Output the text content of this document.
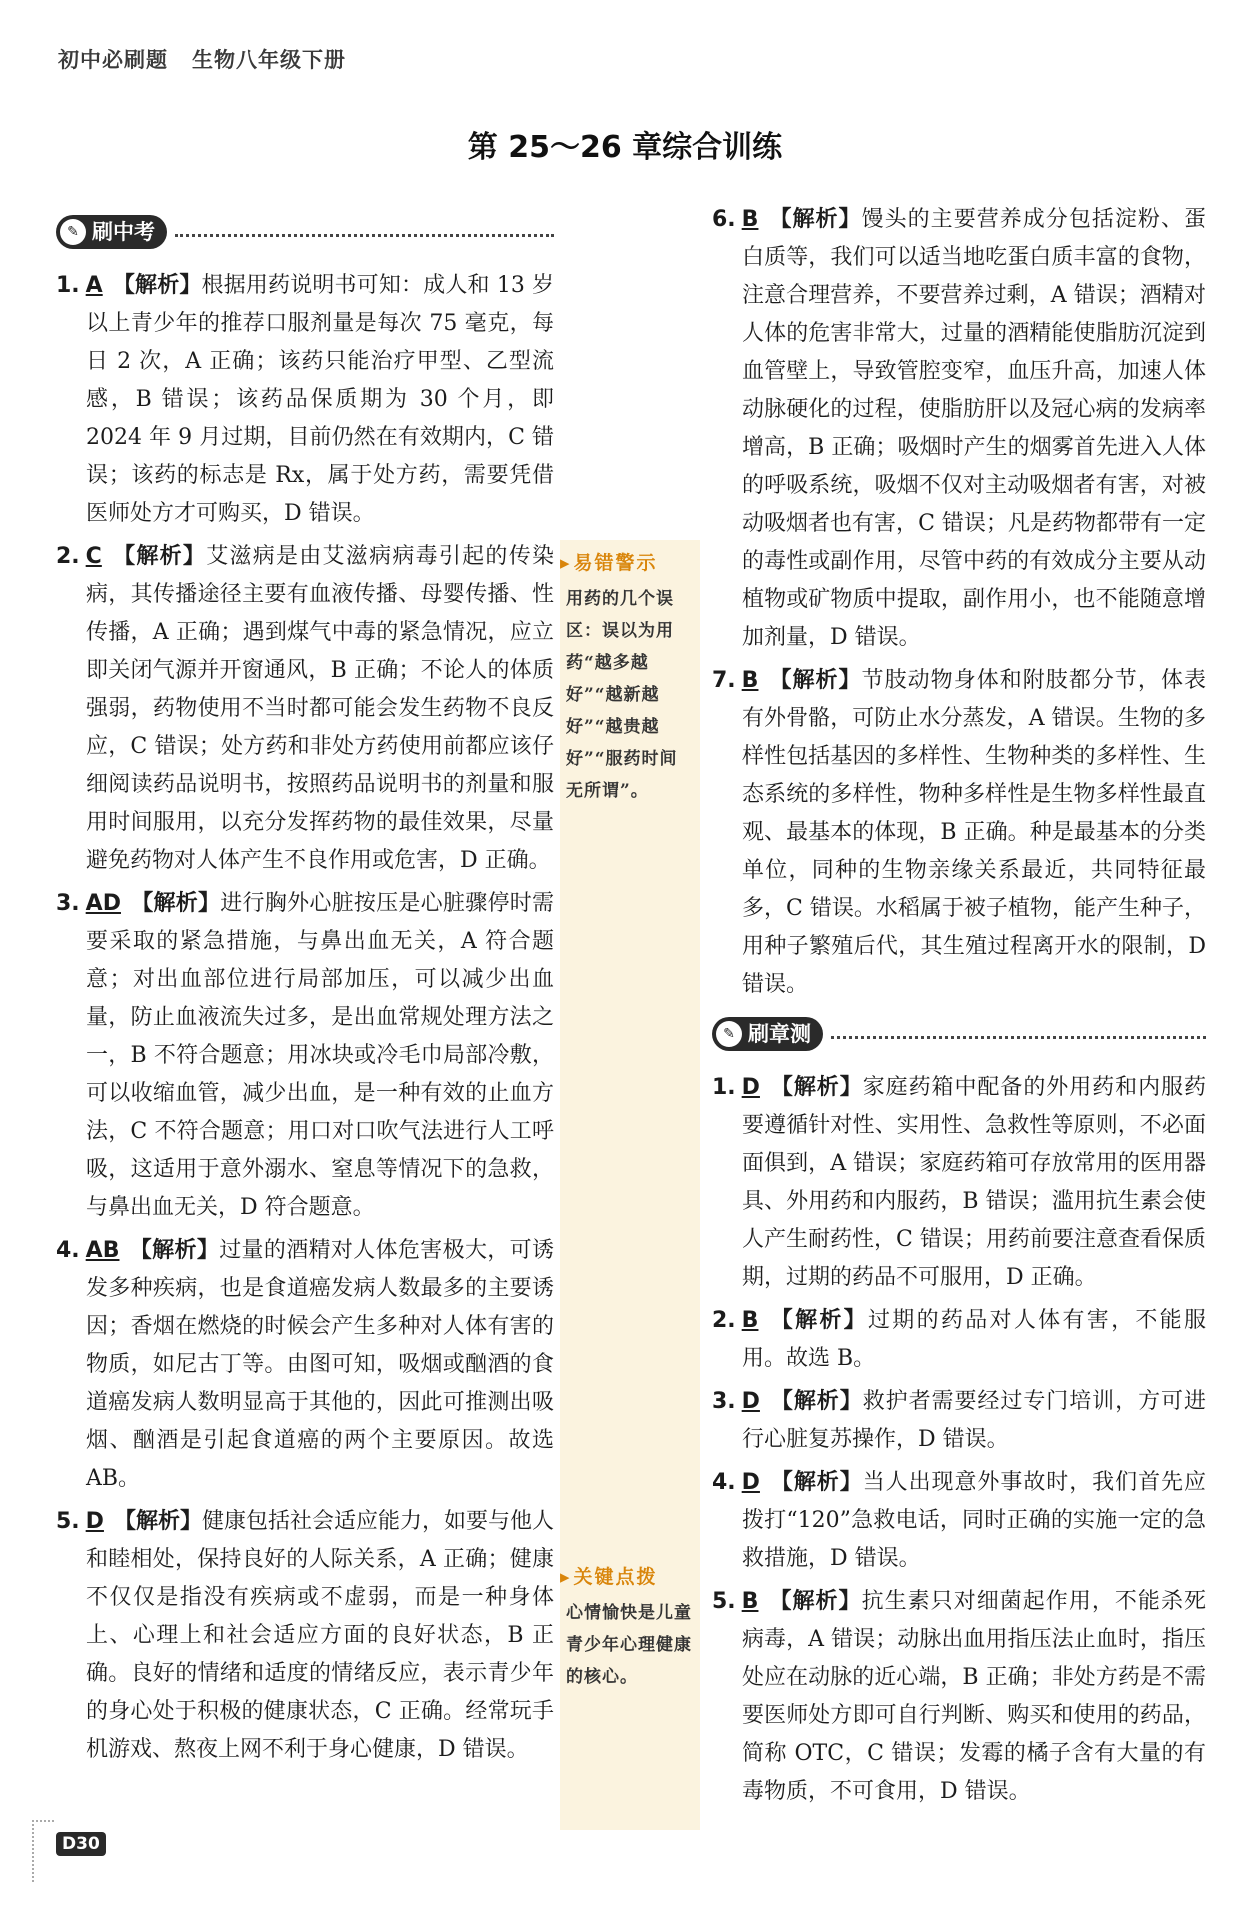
初中必刷题 生物八年级下册
第 25～26 章综合训练
▸ 易错警示
用药的几个误区：误以为用药“越多越好”“越新越好”“越贵越好”“服药时间无所谓”。
▸ 关键点拨
心情愉快是儿童青少年心理健康的核心。
✎ 刷中考

1. A 【解析】根据用药说明书可知：成人和 13 岁以上青少年的推荐口服剂量是每次 75 毫克，每日 2 次，A 正确；该药只能治疗甲型、乙型流感，B 错误；该药品保质期为 30 个月，即 2024 年 9 月过期，目前仍然在有效期内，C 错误；该药的标志是 Rx，属于处方药，需要凭借医师处方才可购买，D 错误。

2. C 【解析】艾滋病是由艾滋病病毒引起的传染病，其传播途径主要有血液传播、母婴传播、性传播，A 正确；遇到煤气中毒的紧急情况，应立即关闭气源并开窗通风，B 正确；不论人的体质强弱，药物使用不当时都可能会发生药物不良反应，C 错误；处方药和非处方药使用前都应该仔细阅读药品说明书，按照药品说明书的剂量和服用时间服用，以充分发挥药物的最佳效果，尽量避免药物对人体产生不良作用或危害，D 正确。

3. AD 【解析】进行胸外心脏按压是心脏骤停时需要采取的紧急措施，与鼻出血无关，A 符合题意；对出血部位进行局部加压，可以减少出血量，防止血液流失过多，是出血常规处理方法之一，B 不符合题意；用冰块或冷毛巾局部冷敷，可以收缩血管，减少出血，是一种有效的止血方法，C 不符合题意；用口对口吹气法进行人工呼吸，这适用于意外溺水、窒息等情况下的急救，与鼻出血无关，D 符合题意。

4. AB 【解析】过量的酒精对人体危害极大，可诱发多种疾病，也是食道癌发病人数最多的主要诱因；香烟在燃烧的时候会产生多种对人体有害的物质，如尼古丁等。由图可知，吸烟或酗酒的食道癌发病人数明显高于其他的，因此可推测出吸烟、酗酒是引起食道癌的两个主要原因。故选 AB。

5. D 【解析】健康包括社会适应能力，如要与他人和睦相处，保持良好的人际关系，A 正确；健康不仅仅是指没有疾病或不虚弱，而是一种身体上、心理上和社会适应方面的良好状态，B 正确。良好的情绪和适度的情绪反应，表示青少年的身心处于积极的健康状态，C 正确。经常玩手机游戏、熬夜上网不利于身心健康，D 错误。

6. B 【解析】馒头的主要营养成分包括淀粉、蛋白质等，我们可以适当地吃蛋白质丰富的食物，注意合理营养，不要营养过剩，A 错误；酒精对人体的危害非常大，过量的酒精能使脂肪沉淀到血管壁上，导致管腔变窄，血压升高，加速人体动脉硬化的过程，使脂肪肝以及冠心病的发病率增高，B 正确；吸烟时产生的烟雾首先进入人体的呼吸系统，吸烟不仅对主动吸烟者有害，对被动吸烟者也有害，C 错误；凡是药物都带有一定的毒性或副作用，尽管中药的有效成分主要从动植物或矿物质中提取，副作用小，也不能随意增加剂量，D 错误。

7. B 【解析】节肢动物身体和附肢都分节，体表有外骨骼，可防止水分蒸发，A 错误。生物的多样性包括基因的多样性、生物种类的多样性、生态系统的多样性，物种多样性是生物多样性最直观、最基本的体现，B 正确。种是最基本的分类单位，同种的生物亲缘关系最近，共同特征最多，C 错误。水稻属于被子植物，能产生种子，用种子繁殖后代，其生殖过程离开水的限制，D 错误。

✎ 刷章测

1. D 【解析】家庭药箱中配备的外用药和内服药要遵循针对性、实用性、急救性等原则，不必面面俱到，A 错误；家庭药箱可存放常用的医用器具、外用药和内服药，B 错误；滥用抗生素会使人产生耐药性，C 错误；用药前要注意查看保质期，过期的药品不可服用，D 正确。

2. B 【解析】过期的药品对人体有害，不能服用。故选 B。

3. D 【解析】救护者需要经过专门培训，方可进行心脏复苏操作，D 错误。

4. D 【解析】当人出现意外事故时，我们首先应拨打“120”急救电话，同时正确的实施一定的急救措施，D 错误。

5. B 【解析】抗生素只对细菌起作用，不能杀死病毒，A 错误；动脉出血用指压法止血时，指压处应在动脉的近心端，B 正确；非处方药是不需要医师处方即可自行判断、购买和使用的药品，简称 OTC，C 错误；发霉的橘子含有大量的有毒物质，不可食用，D 错误。

D30
